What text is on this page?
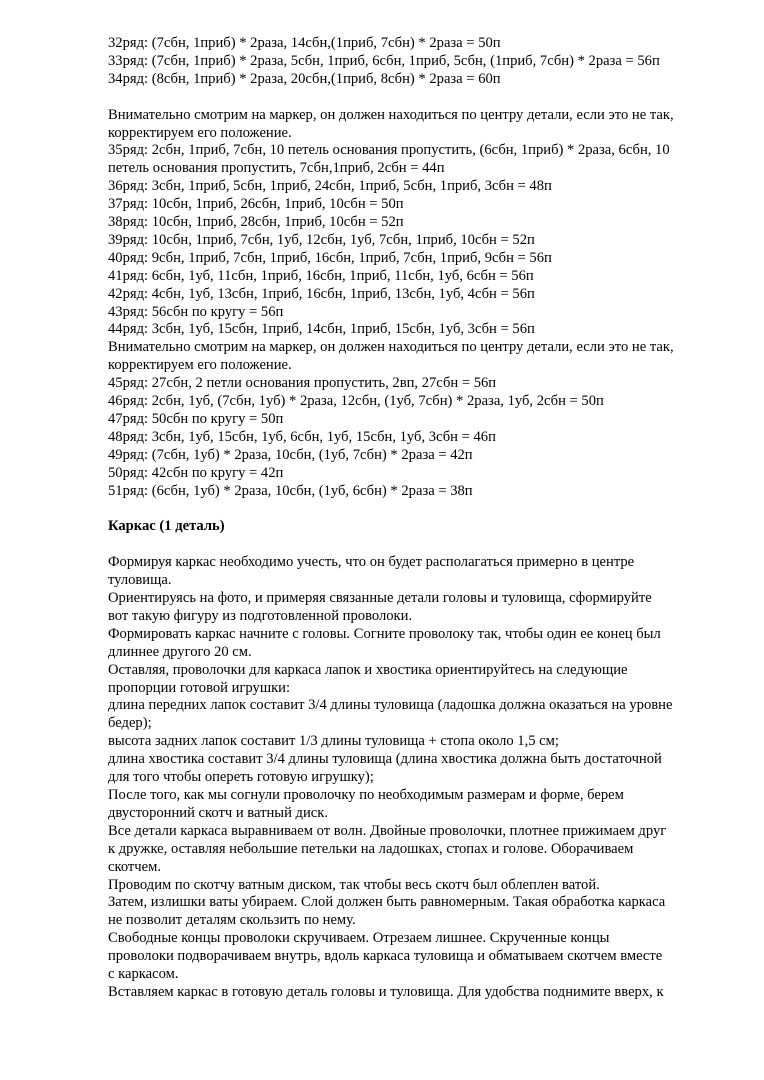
32ряд: (7сбн, 1приб) * 2раза, 14сбн,(1приб, 7сбн) * 2раза = 50п
33ряд: (7сбн, 1приб) * 2раза, 5сбн, 1приб, 6сбн, 1приб, 5сбн, (1приб, 7сбн) * 2раза = 56п
34ряд: (8сбн, 1приб) * 2раза, 20сбн,(1приб, 8сбн) * 2раза = 60п
Внимательно смотрим на маркер, он должен находиться по центру детали, если это не так,
корректируем его положение.
35ряд: 2сбн, 1приб, 7сбн, 10 петель основания пропустить, (6сбн, 1приб) * 2раза, 6сбн, 10
петель основания пропустить, 7сбн,1приб, 2сбн = 44п
36ряд: 3сбн, 1приб, 5сбн, 1приб, 24сбн, 1приб, 5сбн, 1приб, 3сбн = 48п
37ряд: 10сбн, 1приб, 26сбн, 1приб, 10сбн = 50п
38ряд: 10сбн, 1приб, 28сбн, 1приб, 10сбн = 52п
39ряд: 10сбн, 1приб, 7сбн, 1уб, 12сбн, 1уб, 7сбн, 1приб, 10сбн = 52п
40ряд: 9сбн, 1приб, 7сбн, 1приб, 16сбн, 1приб, 7сбн, 1приб, 9сбн = 56п
41ряд: 6сбн, 1уб, 11сбн, 1приб, 16сбн, 1приб, 11сбн, 1уб, 6сбн = 56п
42ряд: 4сбн, 1уб, 13сбн, 1приб, 16сбн, 1приб, 13сбн, 1уб, 4сбн = 56п
43ряд: 56сбн по кругу = 56п
44ряд: 3сбн, 1уб, 15сбн, 1приб, 14сбн, 1приб, 15сбн, 1уб, 3сбн = 56п
Внимательно смотрим на маркер, он должен находиться по центру детали, если это не так,
корректируем его положение.
45ряд: 27сбн, 2 петли основания пропустить, 2вп, 27сбн = 56п
46ряд: 2сбн, 1уб, (7сбн, 1уб) * 2раза, 12сбн, (1уб, 7сбн) * 2раза, 1уб, 2сбн = 50п
47ряд: 50сбн по кругу = 50п
48ряд: 3сбн, 1уб, 15сбн, 1уб, 6сбн, 1уб, 15сбн, 1уб, 3сбн = 46п
49ряд: (7сбн, 1уб) * 2раза, 10сбн, (1уб, 7сбн) * 2раза = 42п
50ряд: 42сбн по кругу = 42п
51ряд: (6сбн, 1уб) * 2раза, 10сбн, (1уб, 6сбн) * 2раза = 38п
Каркас (1 деталь)
Формируя каркас необходимо учесть, что он будет располагаться примерно в центре
туловища.
Ориентируясь на фото, и примеряя связанные детали головы и туловища, сформируйте
вот такую фигуру из подготовленной проволоки.
Формировать каркас начните с головы. Согните проволоку так, чтобы один ее конец был
длиннее другого 20 см.
Оставляя, проволочки для каркаса лапок и хвостика ориентируйтесь на следующие
пропорции готовой игрушки:
длина передних лапок составит 3/4 длины туловища (ладошка должна оказаться на уровне
бедер);
высота задних лапок составит 1/3 длины туловища + стопа около 1,5 см;
длина хвостика составит 3/4 длины туловища (длина хвостика должна быть достаточной
для того чтобы опереть готовую игрушку);
После того, как мы согнули проволочку по необходимым размерам и форме, берем
двусторонний скотч и ватный диск.
Все детали каркаса выравниваем от волн. Двойные проволочки, плотнее прижимаем друг
к дружке, оставляя небольшие петельки на ладошках, стопах и голове. Оборачиваем
скотчем.
Проводим по скотчу ватным диском, так чтобы весь скотч был облеплен ватой.
Затем, излишки ваты убираем. Слой должен быть равномерным. Такая обработка каркаса
не позволит деталям скользить по нему.
Свободные концы проволоки скручиваем. Отрезаем лишнее. Скрученные концы
проволоки подворачиваем внутрь, вдоль каркаса туловища и обматываем скотчем вместе
с каркасом.
Вставляем каркас в готовую деталь головы и туловища. Для удобства поднимите вверх, к
